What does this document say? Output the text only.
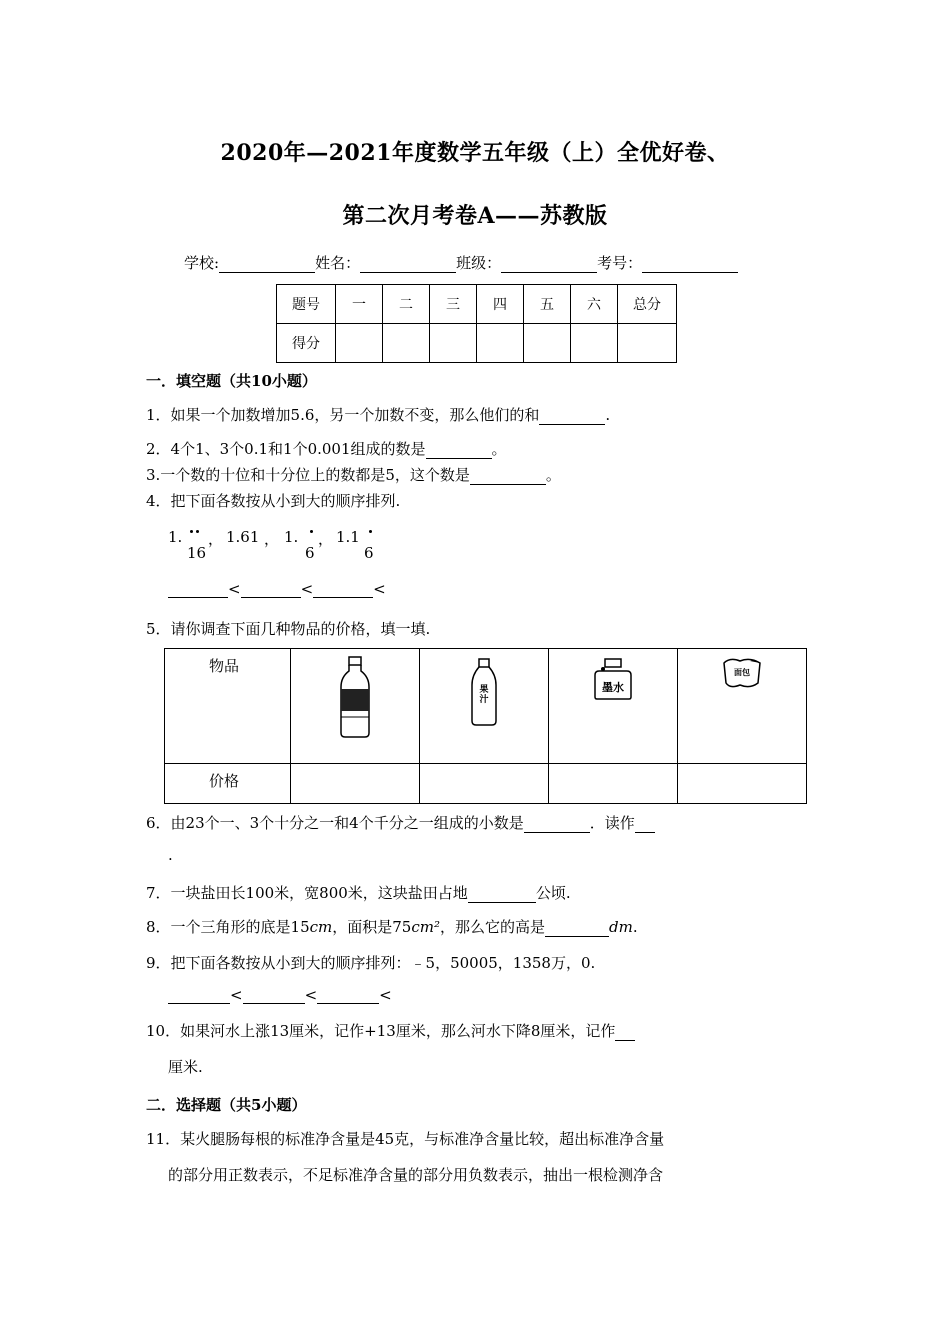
2020年—2021年度数学五年级（上）全优好卷、
第二次月考卷A——苏教版
学校:	姓名：	班级：	考号：
题号	一	二	三	四	五	六	总分
得分							
一．填空题（共10小题）
1．如果一个加数增加5.6，另一个加数不变，那么他们的和	.
2．4个1、3个0.1和1个0.001组成的数是	。
3.一个数的十位和十分位上的数都是5，这个数是	。
4．把下面各数按从小到大的顺序排列.
1.
16
， 1.61 ， 1.
6
， 1.1
6
<	<	<
5．请你调查下面几种物品的价格，填一填.
物品		果汁	墨水	面包

价格				
6．由23个一、3个十分之一和4个千分之一组成的小数是	．读作
.
7．一块盐田长100米，宽800米，这块盐田占地	公顷.
8．一个三角形的底是15cm，面积是75cm²，那么它的高是	dm.
9．把下面各数按从小到大的顺序排列：﹣5，50005，1358万，0.
<	<	<
10．如果河水上涨13厘米，记作+13厘米，那么河水下降8厘米，记作
厘米.
二．选择题（共5小题）
11．某火腿肠每根的标准净含量是45克，与标准净含量比较，超出标准净含量
的部分用正数表示，不足标准净含量的部分用负数表示，抽出一根检测净含
